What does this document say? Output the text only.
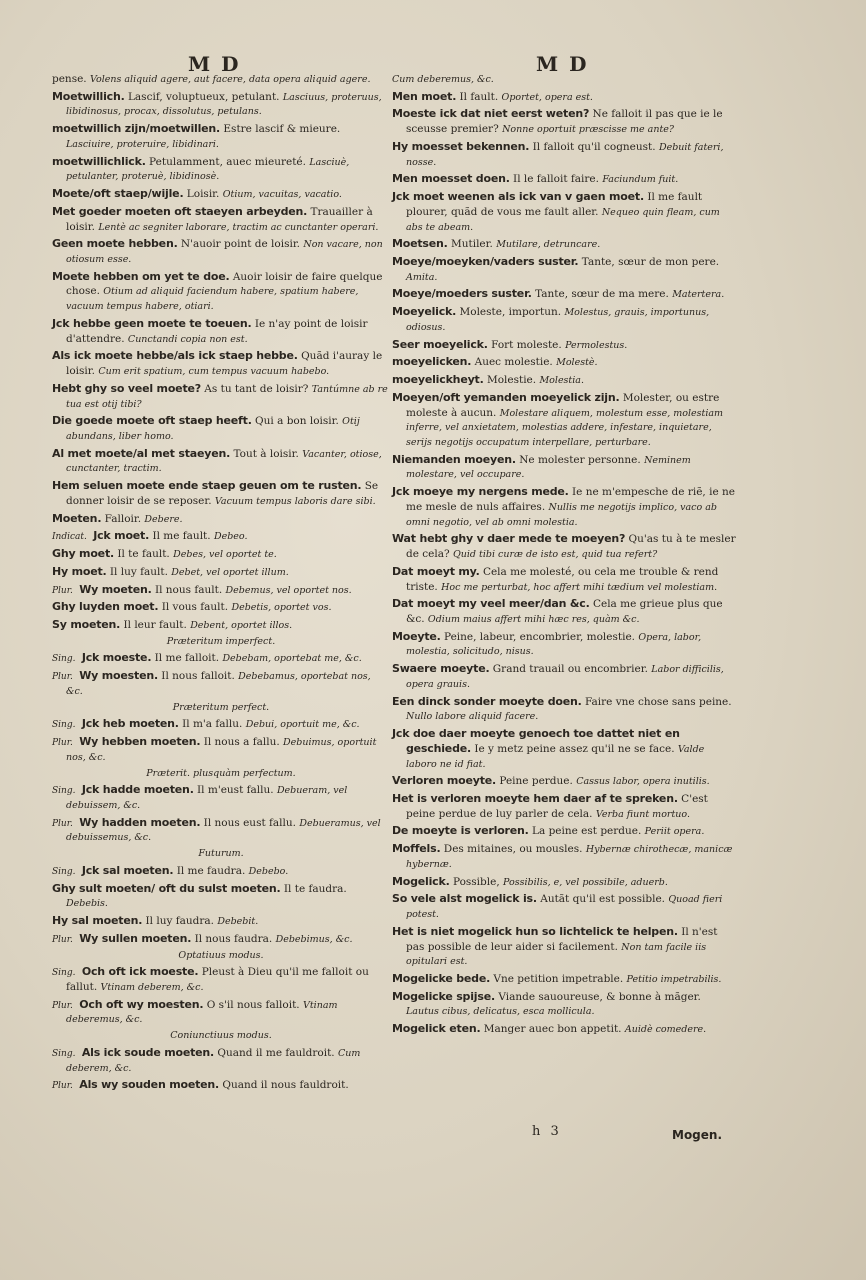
M D	M D
pense. Volens aliquid agere, aut facere, data opera aliquid agere.
Moetwillich. Lascif, voluptueux, petulant. Lasciuus, proteruus, libidinosus, procax, dissolutus, petulans.
moetwillich zijn/moetwillen. Estre lascif & mieure. Lasciuire, proteruire, libidinari.
moetwillichlick. Petulamment, auec mieureté. Lasciuè, petulanter, proteruè, libidinosè.
Moete/oft staep/wijle. Loisir. Otium, vacuitas, vacatio.
Met goeder moeten oft staeyen arbeyden. Trauailler à loisir. Lentè ac segniter laborare, tractim ac cunctanter operari.
Geen moete hebben. N'auoir point de loisir. Non vacare, non otiosum esse.
Moete hebben om yet te doe. Auoir loisir de faire quelque chose. Otium ad aliquid faciendum habere, spatium habere, vacuum tempus habere, otiari.
Jck hebbe geen moete te toeuen. Ie n'ay point de loisir d'attendre. Cunctandi copia non est.
Als ick moete hebbe/als ick staep hebbe. Quãd i'auray le loisir. Cum erit spatium, cum tempus vacuum habebo.
Hebt ghy so veel moete? As tu tant de loisir? Tantúmne ab re tua est otij tibi?
Die goede moete oft staep heeft. Qui a bon loisir. Otij abundans, liber homo.
Al met moete/al met staeyen. Tout à loisir. Vacanter, otiose, cunctanter, tractim.
Hem seluen moete ende staep geuen om te rusten. Se donner loisir de se reposer. Vacuum tempus laboris dare sibi.
Moeten. Falloir. Debere.
Indicat. Jck moet. Il me fault. Debeo.
Ghy moet. Il te fault. Debes, vel oportet te.
Hy moet. Il luy fault. Debet, vel oportet illum.
Plur. Wy moeten. Il nous fault. Debemus, vel oportet nos.
Ghy luyden moet. Il vous fault. Debetis, oportet vos.
Sy moeten. Il leur fault. Debent, oportet illos.
Præteritum imperfect.
Sing. Jck moeste. Il me falloit. Debebam, oportebat me, &c.
Plur. Wy moesten. Il nous falloit. Debebamus, oportebat nos, &c.
Præteritum perfect.
Sing. Jck heb moeten. Il m'a fallu. Debui, oportuit me, &c.
Plur. Wy hebben moeten. Il nous a fallu. Debuimus, oportuit nos, &c.
Præterit. plusquàm perfectum.
Sing. Jck hadde moeten. Il m'eust fallu. Debueram, vel debuissem, &c.
Plur. Wy hadden moeten. Il nous eust fallu. Debueramus, vel debuissemus, &c.
Futurum.
Sing. Jck sal moeten. Il me faudra. Debebo.
Ghy sult moeten/ oft du sulst moeten. Il te faudra. Debebis.
Hy sal moeten. Il luy faudra. Debebit.
Plur. Wy sullen moeten. Il nous faudra. Debebimus, &c.
Optatiuus modus.
Sing. Och oft ick moeste. Pleust à Dieu qu'il me falloit ou fallut. Vtinam deberem, &c.
Plur. Och oft wy moesten. O s'il nous falloit. Vtinam deberemus, &c.
Coniunctiuus modus.
Sing. Als ick soude moeten. Quand il me fauldroit. Cum deberem, &c.
Plur. Als wy souden moeten. Quand il nous fauldroit.
Cum deberemus, &c.
Men moet. Il fault. Oportet, opera est.
Moeste ick dat niet eerst weten? Ne falloit il pas que ie le sceusse premier? Nonne oportuit præscisse me ante?
Hy moesset bekennen. Il falloit qu'il cogneust. Debuit fateri, nosse.
Men moesset doen. Il le falloit faire. Faciundum fuit.
Jck moet weenen als ick van v gaen moet. Il me fault plourer, quãd de vous me fault aller. Nequeo quin fleam, cum abs te abeam.
Moetsen. Mutiler. Mutilare, detruncare.
Moeye/moeyken/vaders suster. Tante, sœur de mon pere. Amita.
Moeye/moeders suster. Tante, sœur de ma mere. Matertera.
Moeyelick. Moleste, importun. Molestus, grauis, importunus, odiosus.
Seer moeyelick. Fort moleste. Permolestus.
moeyelicken. Auec molestie. Molestè.
moeyelickheyt. Molestie. Molestia.
Moeyen/oft yemanden moeyelick zijn. Molester, ou estre moleste à aucun. Molestare aliquem, molestum esse, molestiam inferre, vel anxietatem, molestias addere, infestare, inquietare, serijs negotijs occupatum interpellare, perturbare.
Niemanden moeyen. Ne molester personne. Neminem molestare, vel occupare.
Jck moeye my nergens mede. Ie ne m'empesche de riẽ, ie ne me mesle de nuls affaires. Nullis me negotijs implico, vaco ab omni negotio, vel ab omni molestia.
Wat hebt ghy v daer mede te moeyen? Qu'as tu à te mesler de cela? Quid tibi curæ de isto est, quid tua refert?
Dat moeyt my. Cela me molesté, ou cela me trouble & rend triste. Hoc me perturbat, hoc affert mihi tædium vel molestiam.
Dat moeyt my veel meer/dan &c. Cela me grieue plus que &c. Odium maius affert mihi hæc res, quàm &c.
Moeyte. Peine, labeur, encombrier, molestie. Opera, labor, molestia, solicitudo, nisus.
Swaere moeyte. Grand trauail ou encombrier. Labor difficilis, opera grauis.
Een dinck sonder moeyte doen. Faire vne chose sans peine. Nullo labore aliquid facere.
Jck doe daer moeyte genoech toe dattet niet en geschiede. Ie y metz peine assez qu'il ne se face. Valde laboro ne id fiat.
Verloren moeyte. Peine perdue. Cassus labor, opera inutilis.
Het is verloren moeyte hem daer af te spreken. C'est peine perdue de luy parler de cela. Verba fiunt mortuo.
De moeyte is verloren. La peine est perdue. Periit opera.
Moffels. Des mitaines, ou mousles. Hybernæ chirothecæ, manicæ hybernæ.
Mogelick. Possible, Possibilis, e, vel possibile, aduerb.
So vele alst mogelick is. Autãt qu'il est possible. Quoad fieri potest.
Het is niet mogelick hun so lichtelick te helpen. Il n'est pas possible de leur aider si facilement. Non tam facile iis opitulari est.
Mogelicke bede. Vne petition impetrable. Petitio impetrabilis.
Mogelicke spijse. Viande sauoureuse, & bonne à mãger. Lautus cibus, delicatus, esca mollicula.
Mogelick eten. Manger auec bon appetit. Auidè comedere.
h 3	Mogen.
